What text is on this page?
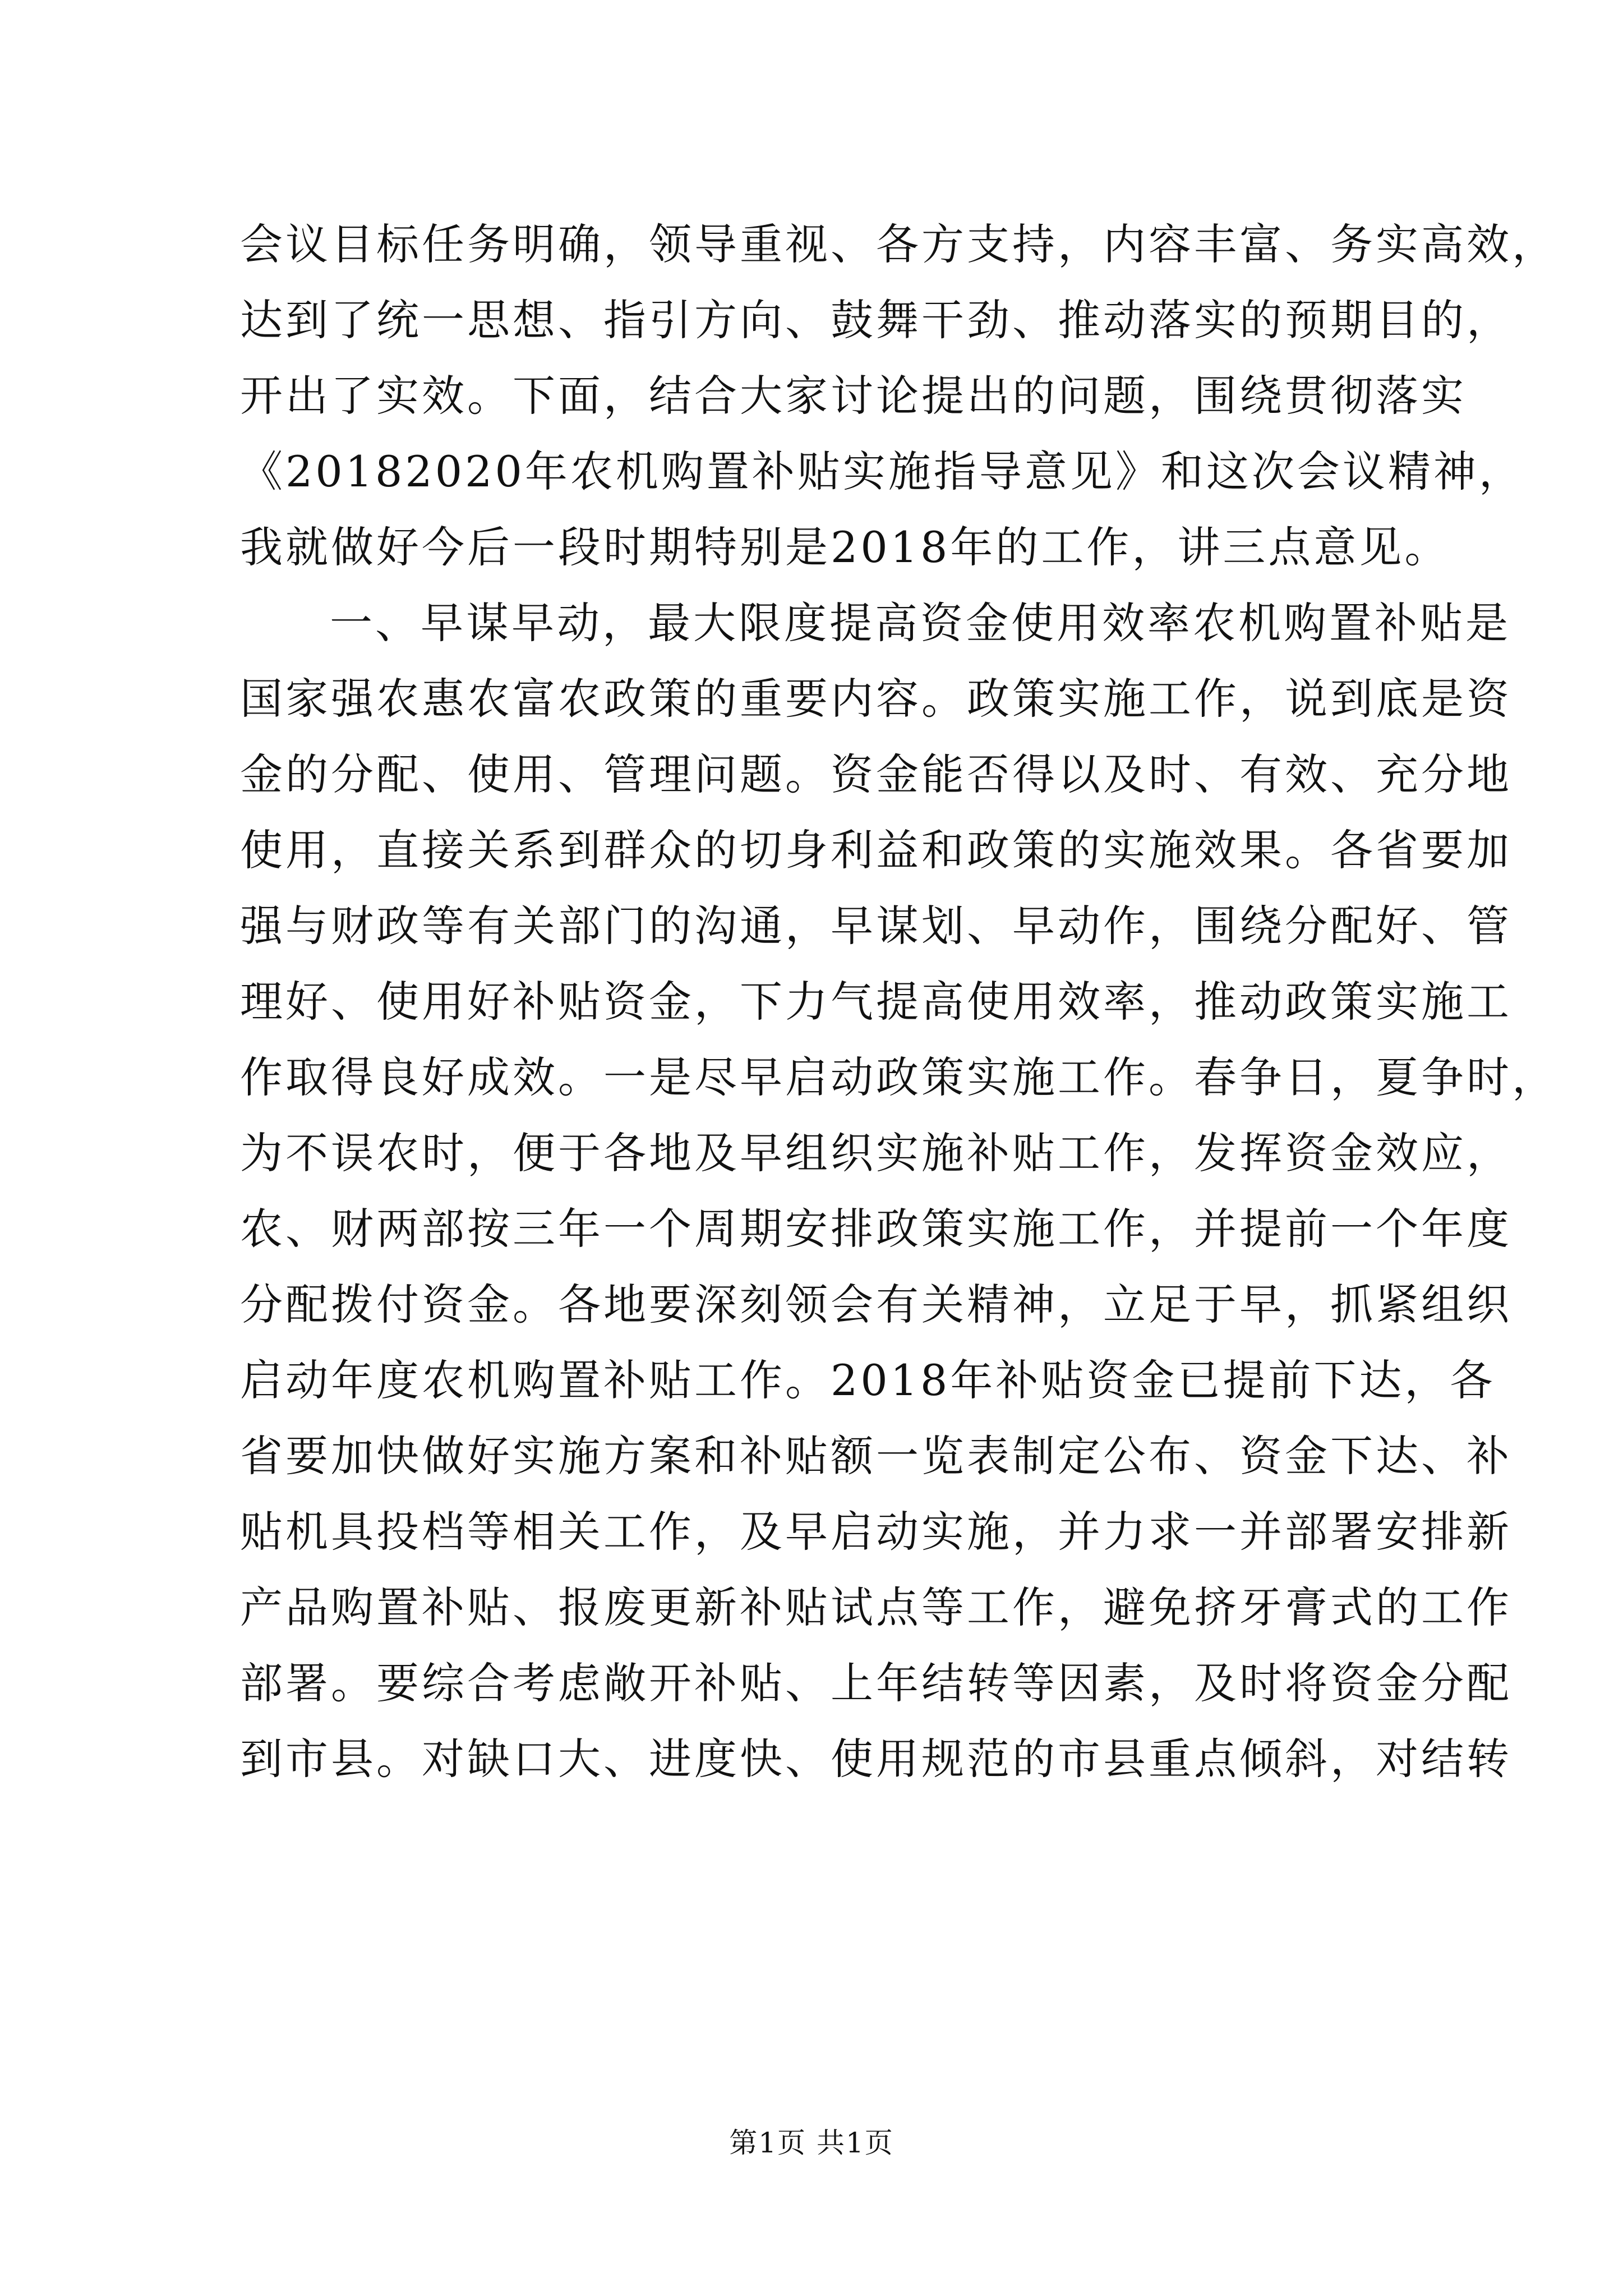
会议目标任务明确，领导重视、各方支持，内容丰富、务实高效，
达到了统一思想、指引方向、鼓舞干劲、推动落实的预期目的，
开出了实效。下面，结合大家讨论提出的问题，围绕贯彻落实
《20182020年农机购置补贴实施指导意见》和这次会议精神，
我就做好今后一段时期特别是2018年的工作，讲三点意见。
一、早谋早动，最大限度提高资金使用效率农机购置补贴是
国家强农惠农富农政策的重要内容。政策实施工作，说到底是资
金的分配、使用、管理问题。资金能否得以及时、有效、充分地
使用，直接关系到群众的切身利益和政策的实施效果。各省要加
强与财政等有关部门的沟通，早谋划、早动作，围绕分配好、管
理好、使用好补贴资金，下力气提高使用效率，推动政策实施工
作取得良好成效。一是尽早启动政策实施工作。春争日，夏争时，
为不误农时，便于各地及早组织实施补贴工作，发挥资金效应，
农、财两部按三年一个周期安排政策实施工作，并提前一个年度
分配拨付资金。各地要深刻领会有关精神，立足于早，抓紧组织
启动年度农机购置补贴工作。2018年补贴资金已提前下达，各
省要加快做好实施方案和补贴额一览表制定公布、资金下达、补
贴机具投档等相关工作，及早启动实施，并力求一并部署安排新
产品购置补贴、报废更新补贴试点等工作，避免挤牙膏式的工作
部署。要综合考虑敞开补贴、上年结转等因素，及时将资金分配
到市县。对缺口大、进度快、使用规范的市县重点倾斜，对结转
第1页 共1页
